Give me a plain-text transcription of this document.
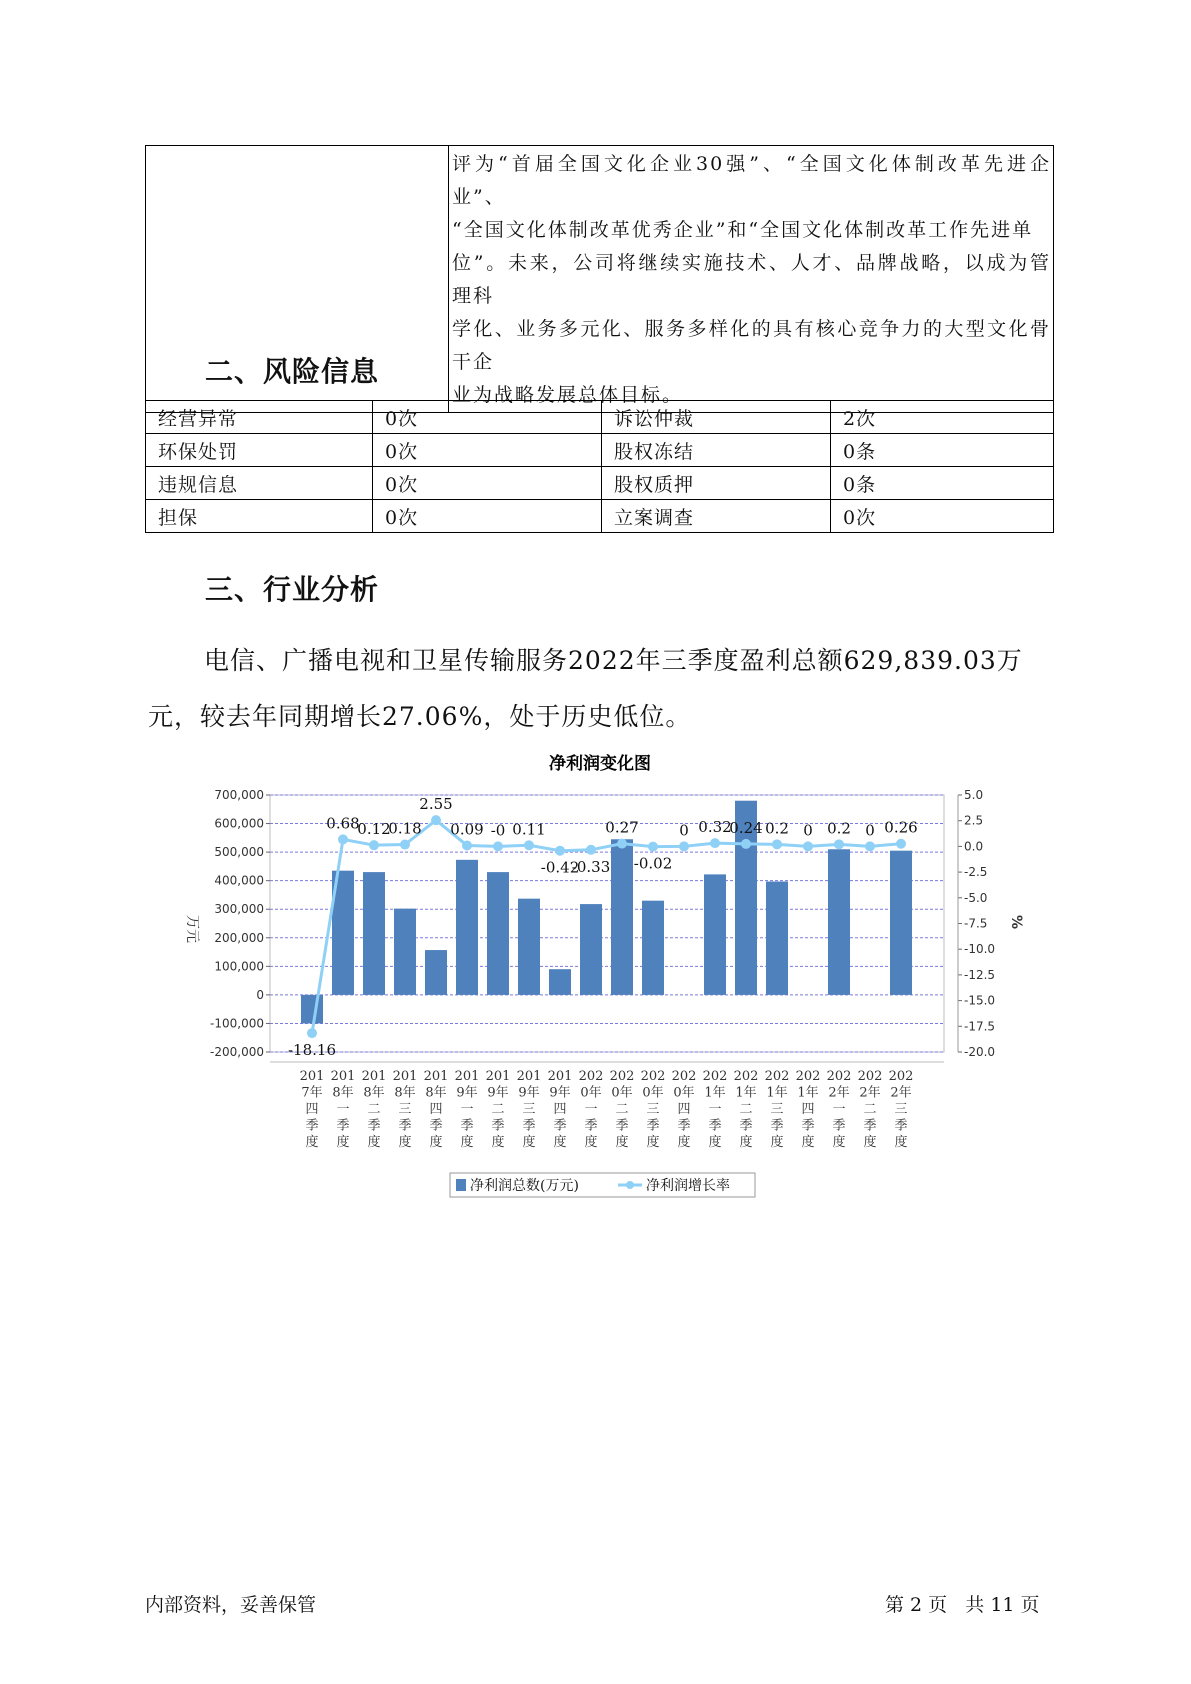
评为“首届全国文化企业30强”、“全国文化体制改革先进企业”、
“全国文化体制改革优秀企业”和“全国文化体制改革工作先进单
位”。未来，公司将继续实施技术、人才、品牌战略，以成为管理科
学化、业务多元化、服务多样化的具有核心竞争力的大型文化骨干企
业为战略发展总体目标。
二、风险信息
经营异常	0次	诉讼仲裁	2次
环保处罚	0次	股权冻结	0条
违规信息	0次	股权质押	0条
担保	0次	立案调查	0次
三、行业分析

电信、广播电视和卫星传输服务2022年三季度盈利总额629,839.03万元，较去年同期增长27.06%，处于历史低位。

净利润变化图
700,000
600,000
500,000
400,000
300,000
200,000
100,000
0
-100,000
-200,000
5.0
2.5
0.0
-2.5
-5.0
-7.5
-10.0
-12.5
-15.0
-17.5
-20.0
万元	%
-18.16
0.68
0.12
0.18
2.55
0.09 -0 0.11
-0.42
-0.33
0.27
-0.02
0 0.32
0.24 0.2 0 0.2 0 0.26
201
7年
四
季
度
201
8年
一
季
度
201
8年
二
季
度
201
8年
三
季
度
201
8年
四
季
度
201
9年
一
季
度
201
9年
二
季
度
201
9年
三
季
度
201
9年
四
季
度
202
0年
一
季
度
202
0年
二
季
度
202
0年
三
季
度
202
0年
四
季
度
202
1年
一
季
度
202
1年
二
季
度
202
1年
三
季
度
202
1年
四
季
度
202
2年
一
季
度
202
2年
二
季
度
202
2年
三
季
度
净利润总数(万元)	净利润增长率
内部资料，妥善保管	第 2 页   共 11 页
